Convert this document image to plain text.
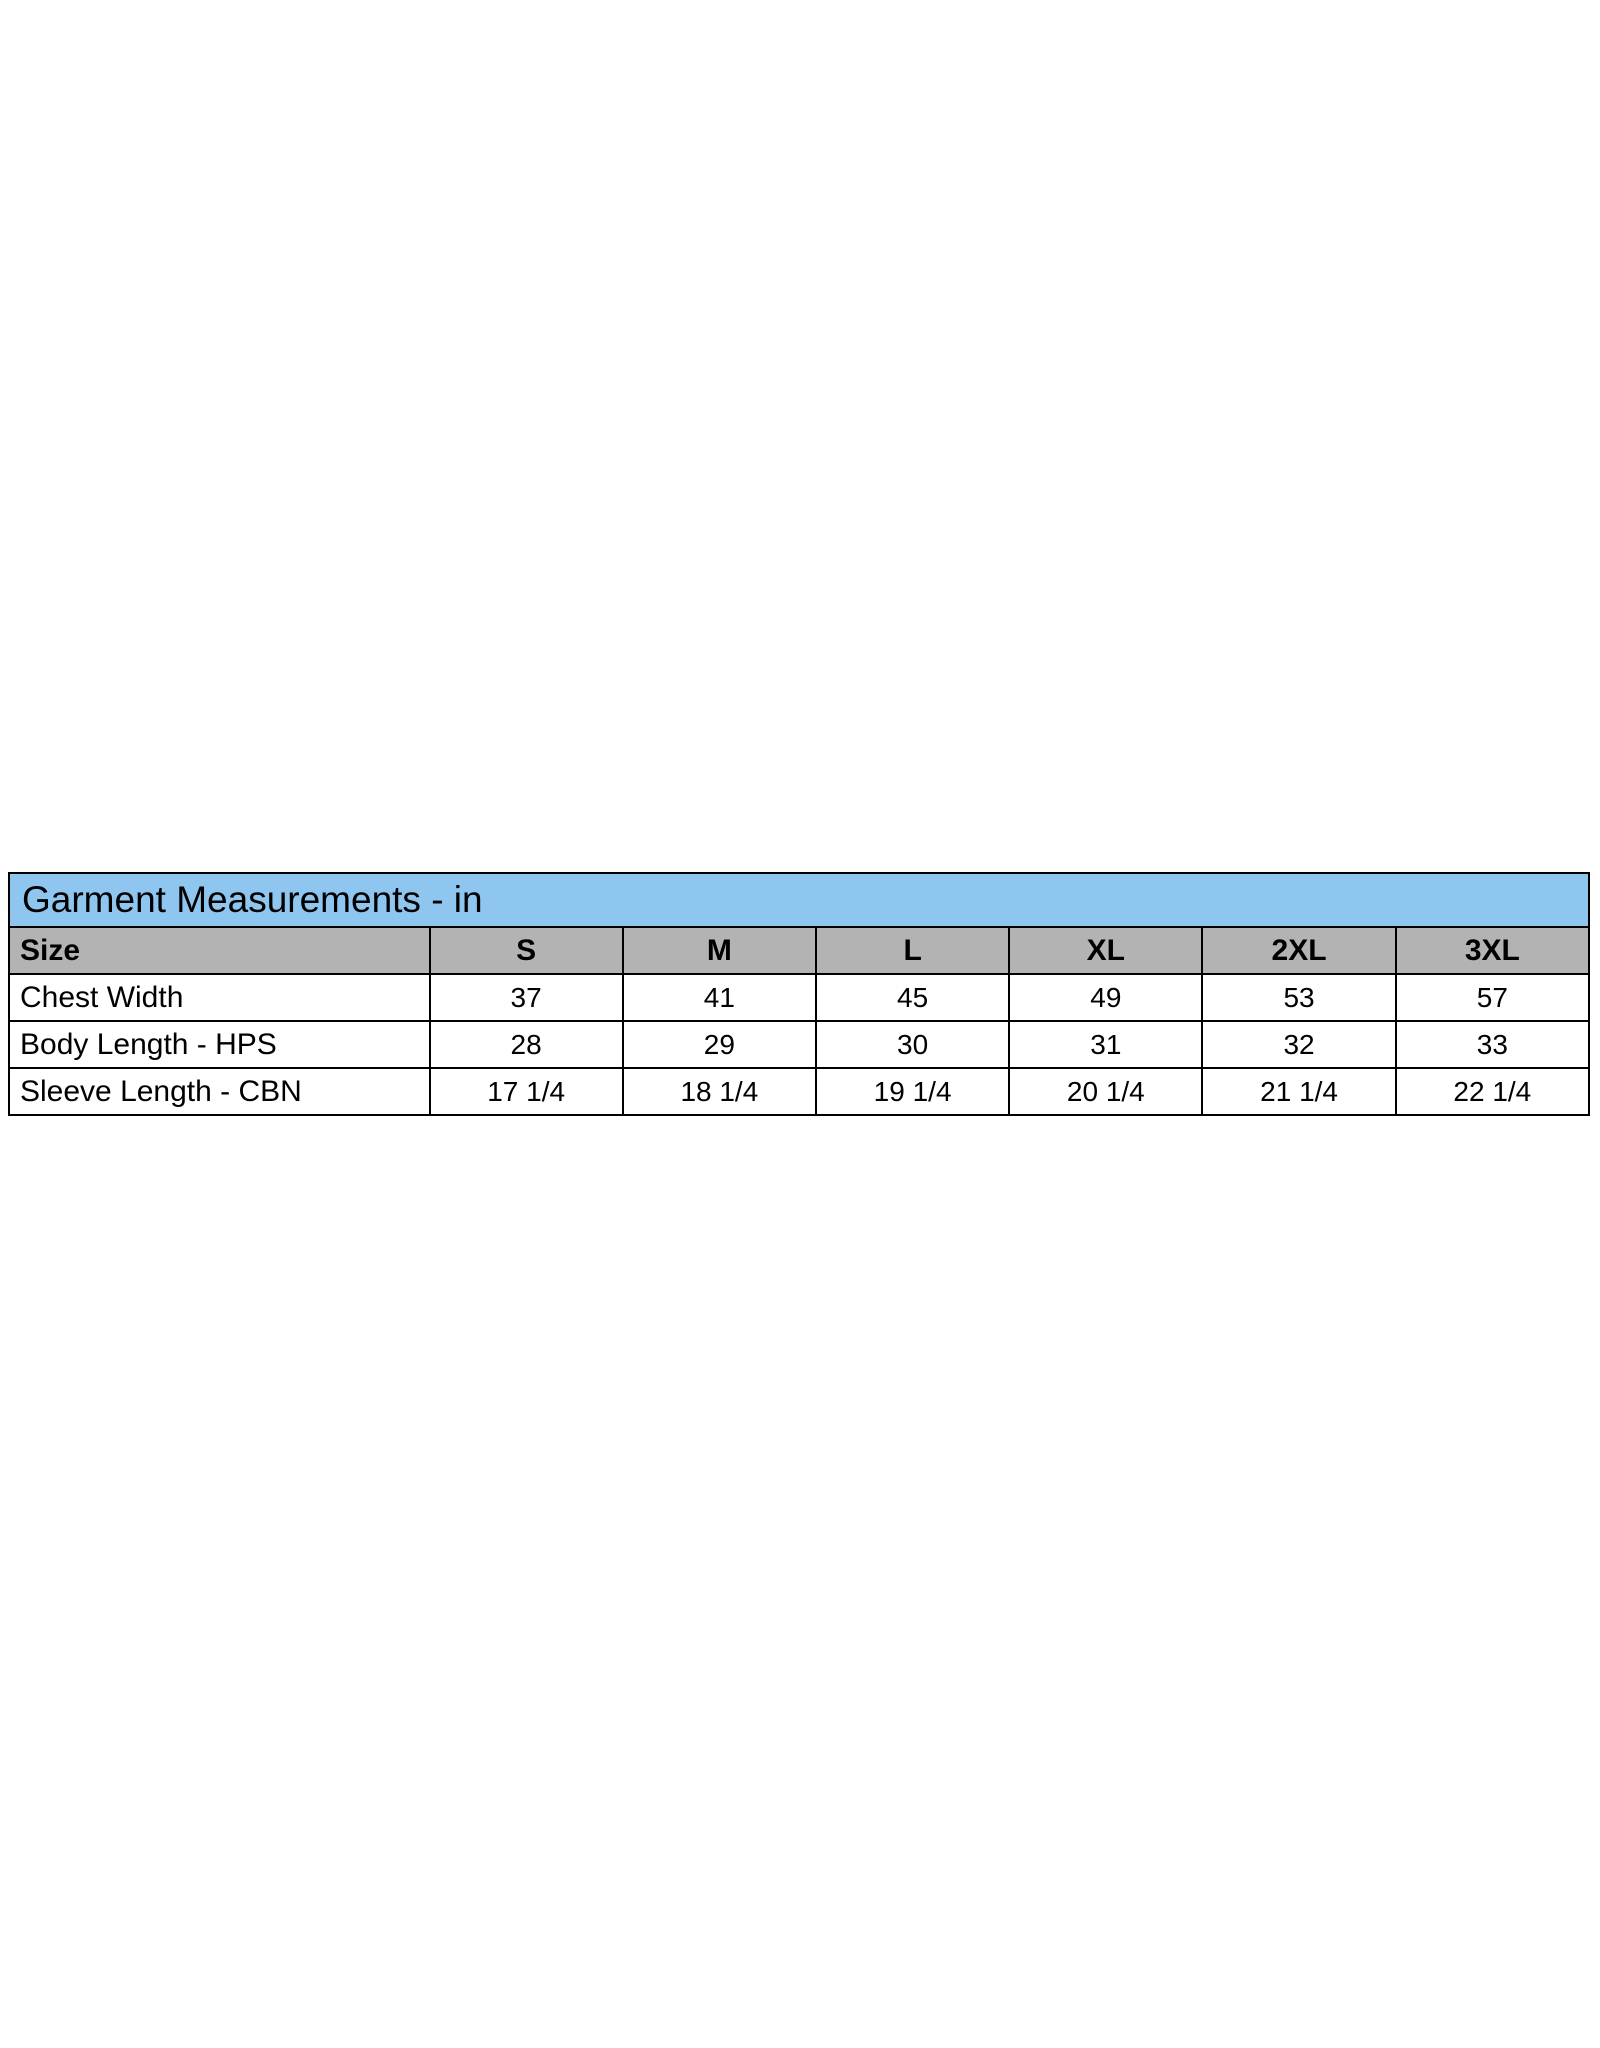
Garment Measurements - in						
Size	S	M	L	XL	2XL	3XL
Chest Width	37	41	45	49	53	57
Body Length - HPS	28	29	30	31	32	33
Sleeve Length - CBN	17 1/4	18 1/4	19 1/4	20 1/4	21 1/4	22 1/4
